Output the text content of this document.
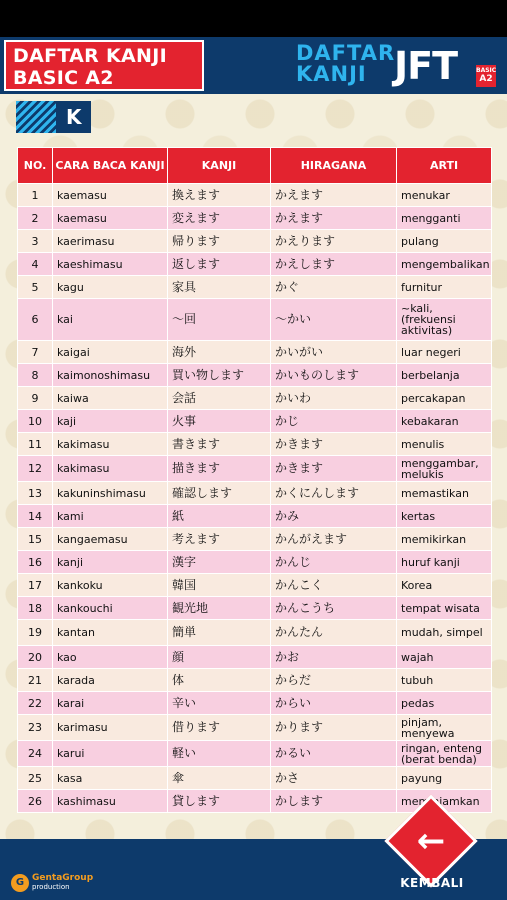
DAFTAR KANJI
BASIC A2
DAFTAR
KANJI JFT	BASIC
A2
K
NO.	CARA BACA KANJI	KANJI	HIRAGANA	ARTI
1	kaemasu	換えます	かえます	menukar
2	kaemasu	変えます	かえます	mengganti
3	kaerimasu	帰ります	かえります	pulang
4	kaeshimasu	返します	かえします	mengembalikan
5	kagu	家具	かぐ	furnitur
6	kai	～回	～かい	~kali, (frekuensi aktivitas)
7	kaigai	海外	かいがい	luar negeri
8	kaimonoshimasu	買い物します	かいものします	berbelanja
9	kaiwa	会話	かいわ	percakapan
10	kaji	火事	かじ	kebakaran
11	kakimasu	書きます	かきます	menulis
12	kakimasu	描きます	かきます	menggambar, melukis
13	kakuninshimasu	確認します	かくにんします	memastikan
14	kami	紙	かみ	kertas
15	kangaemasu	考えます	かんがえます	memikirkan
16	kanji	漢字	かんじ	huruf kanji
17	kankoku	韓国	かんこく	Korea
18	kankouchi	観光地	かんこうち	tempat wisata
19	kantan	簡単	かんたん	mudah, simpel
20	kao	顔	かお	wajah
21	karada	体	からだ	tubuh
22	karai	辛い	からい	pedas
23	karimasu	借ります	かります	pinjam, menyewa
24	karui	軽い	かるい	ringan, enteng (berat benda)
25	kasa	傘	かさ	payung
26	kashimasu	貸します	かします	meminjamkan
G GentaGroup
production
←
KEMBALI
